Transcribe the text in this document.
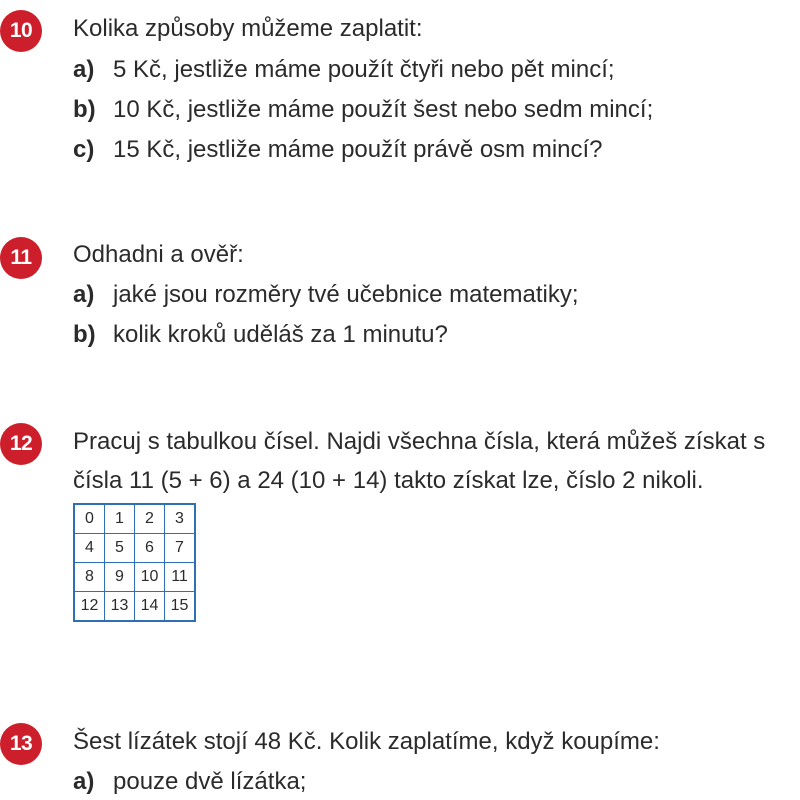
10	Kolika způsoby můžeme zaplatit:
a) 5 Kč, jestliže máme použít čtyři nebo pět mincí;
b) 10 Kč, jestliže máme použít šest nebo sedm mincí;
c) 15 Kč, jestliže máme použít právě osm mincí?
11	Odhadni a ověř:
a) jaké jsou rozměry tvé učebnice matematiky;
b) kolik kroků uděláš za 1 minutu?
12	Pracuj s tabulkou čísel. Najdi všechna čísla, která můžeš získat s
čísla 11 (5 + 6) a 24 (10 + 14) takto získat lze, číslo 2 nikoli.
0	1	2	3
4	5	6	7
8	9	10	11
12	13	14	15
13	Šest lízátek stojí 48 Kč. Kolik zaplatíme, když koupíme:
a) pouze dvě lízátka;
